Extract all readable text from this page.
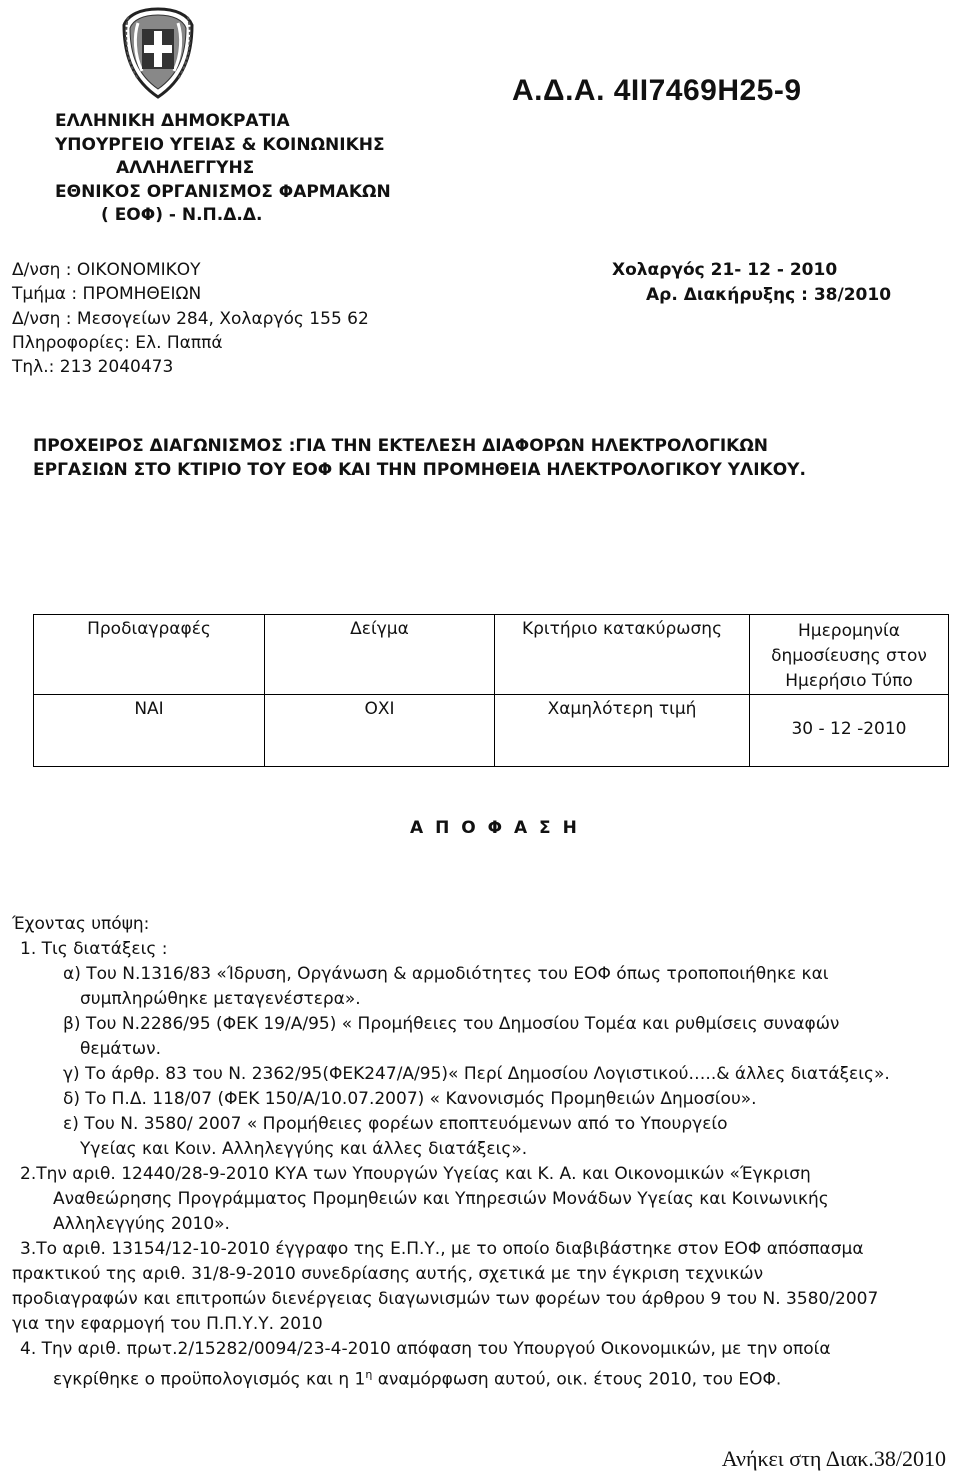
Α.Δ.Α. 4ΙΙ7469Η25-9
ΕΛΛΗΝΙΚΗ ΔΗΜΟΚΡΑΤΙΑ
ΥΠΟΥΡΓΕΙΟ ΥΓΕΙΑΣ & ΚΟΙΝΩΝΙΚΗΣ
ΑΛΛΗΛΕΓΓΥΗΣ
ΕΘΝΙΚΟΣ ΟΡΓΑΝΙΣΜΟΣ ΦΑΡΜΑΚΩΝ
( ΕΟΦ) - Ν.Π.Δ.Δ.
Δ/νση : ΟΙΚΟΝΟΜΙΚΟΥ
Τμήμα : ΠΡΟΜΗΘΕΙΩΝ
Δ/νση : Μεσογείων 284, Χολαργός 155 62
Πληροφορίες: Ελ. Παππά
Τηλ.: 213 2040473
Χολαργός 21- 12 - 2010
Αρ. Διακήρυξης : 38/2010
ΠΡΟΧΕΙΡΟΣ ΔΙΑΓΩΝΙΣΜΟΣ :ΓΙΑ ΤΗΝ ΕΚΤΕΛΕΣΗ ΔΙΑΦΟΡΩΝ ΗΛΕΚΤΡΟΛΟΓΙΚΩΝ
ΕΡΓΑΣΙΩΝ ΣΤΟ ΚΤΙΡΙΟ ΤΟΥ ΕΟΦ ΚΑΙ ΤΗΝ ΠΡΟΜΗΘΕΙΑ ΗΛΕΚΤΡΟΛΟΓΙΚΟΥ ΥΛΙΚΟΥ.
Προδιαγραφές	Δείγμα	Κριτήριο κατακύρωσης	Ημερομηνία
δημοσίευσης στον
Ημερήσιο Τύπο

ΝΑΙ	ΟΧΙ	Χαμηλότερη τιμή	30 - 12 -2010
Α Π Ο Φ Α Σ Η
Έχοντας υπόψη:
1. Τις διατάξεις :
α) Του Ν.1316/83 «Ίδρυση, Οργάνωση & αρμοδιότητες του ΕΟΦ όπως τροποποιήθηκε και
συμπληρώθηκε μεταγενέστερα».
β) Του Ν.2286/95 (ΦΕΚ 19/Α/95) « Προμήθειες του Δημοσίου Τομέα και ρυθμίσεις συναφών
θεμάτων.
γ) Το άρθρ. 83 του Ν. 2362/95(ΦΕΚ247/Α/95)« Περί Δημοσίου Λογιστικού…..& άλλες διατάξεις».
δ) Το Π.Δ. 118/07 (ΦΕΚ 150/Α/10.07.2007) « Κανονισμός Προμηθειών Δημοσίου».
ε) Του Ν. 3580/ 2007 « Προμήθειες φορέων εποπτευόμενων από το Υπουργείο
Υγείας και Κοιν. Αλληλεγγύης και άλλες διατάξεις».
2.Την αριθ. 12440/28-9-2010 ΚΥΑ των Υπουργών Υγείας και Κ. Α. και Οικονομικών «Έγκριση
Αναθεώρησης Προγράμματος Προμηθειών και Υπηρεσιών Μονάδων Υγείας και Κοινωνικής
Αλληλεγγύης 2010».
3.Το αριθ. 13154/12-10-2010 έγγραφο της Ε.Π.Υ., με το οποίο διαβιβάστηκε στον ΕΟΦ απόσπασμα
πρακτικού της αριθ. 31/8-9-2010 συνεδρίασης αυτής, σχετικά με την έγκριση τεχνικών
προδιαγραφών και επιτροπών διενέργειας διαγωνισμών των φορέων του άρθρου 9 του Ν. 3580/2007
για την εφαρμογή του Π.Π.Υ.Υ. 2010
4. Την αριθ. πρωτ.2/15282/0094/23-4-2010 απόφαση του Υπουργού Οικονομικών, με την οποία
εγκρίθηκε ο προϋπολογισμός και η $1^\eta$ αναμόρφωση αυτού, οικ. έτους 2010, του ΕΟΦ.
Ανήκει στη Διακ.38/2010
